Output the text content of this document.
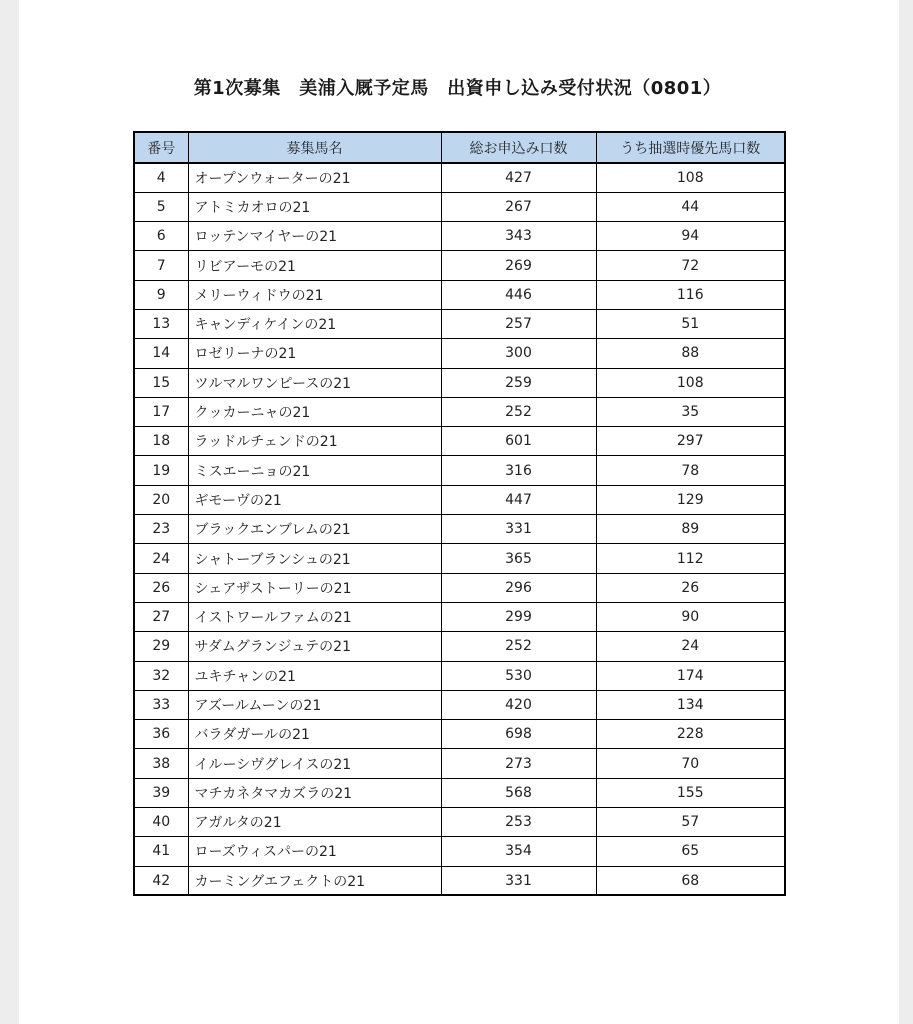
第1次募集　美浦入厩予定馬　出資申し込み受付状況（0801）
番号	募集馬名	総お申込み口数	うち抽選時優先馬口数
4	オープンウォーターの21	427	108
5	アトミカオロの21	267	44
6	ロッテンマイヤーの21	343	94
7	リビアーモの21	269	72
9	メリーウィドウの21	446	116
13	キャンディケインの21	257	51
14	ロゼリーナの21	300	88
15	ツルマルワンピースの21	259	108
17	クッカーニャの21	252	35
18	ラッドルチェンドの21	601	297
19	ミスエーニョの21	316	78
20	ギモーヴの21	447	129
23	ブラックエンブレムの21	331	89
24	シャトーブランシュの21	365	112
26	シェアザストーリーの21	296	26
27	イストワールファムの21	299	90
29	サダムグランジュテの21	252	24
32	ユキチャンの21	530	174
33	アズールムーンの21	420	134
36	バラダガールの21	698	228
38	イルーシヴグレイスの21	273	70
39	マチカネタマカズラの21	568	155
40	アガルタの21	253	57
41	ローズウィスパーの21	354	65
42	カーミングエフェクトの21	331	68
